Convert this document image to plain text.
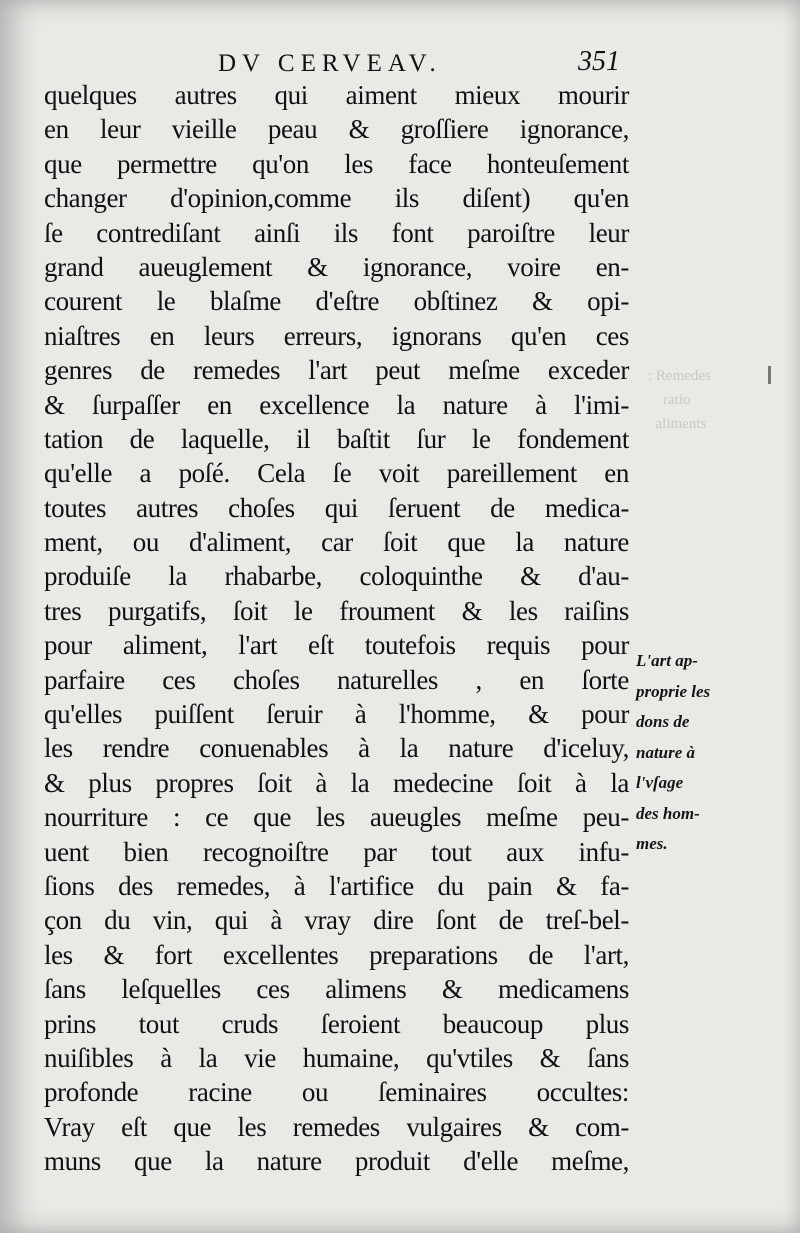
DV CERVEAV.	351
: Remedes
ratio
aliments
quelques autres qui aiment mieux mourir
en leur vieille peau & groſſiere ignorance,
que permettre qu'on les face honteuſement
changer d'opinion,comme ils diſent) qu'en
ſe contrediſant ainſi ils font paroiſtre leur
grand aueuglement & ignorance, voire en-
courent le blaſme d'eſtre obſtinez & opi-
niaſtres en leurs erreurs, ignorans qu'en ces
genres de remedes l'art peut meſme exceder
& ſurpaſſer en excellence la nature à l'imi-
tation de laquelle, il baſtit ſur le fondement
qu'elle a poſé. Cela ſe voit pareillement en
toutes autres choſes qui ſeruent de medica-
ment, ou d'aliment, car ſoit que la nature
produiſe la rhabarbe, coloquinthe & d'au-
tres purgatifs, ſoit le froument & les raiſins
pour aliment, l'art eſt toutefois requis pour
parfaire ces choſes naturelles , en ſorte
qu'elles puiſſent ſeruir à l'homme, & pour
les rendre conuenables à la nature d'iceluy,
& plus propres ſoit à la medecine ſoit à la
nourriture : ce que les aueugles meſme peu-
uent bien recognoiſtre par tout aux infu-
ſions des remedes, à l'artifice du pain & fa-
çon du vin, qui à vray dire ſont de treſ-bel-
les & fort excellentes preparations de l'art,
ſans leſquelles ces alimens & medicamens
prins tout cruds ſeroient beaucoup plus
nuiſibles à la vie humaine, qu'vtiles & ſans
profonde racine ou ſeminaires occultes:
Vray eſt que les remedes vulgaires & com-
muns que la nature produit d'elle meſme,
L'art ap-
proprie les
dons de
nature à
l'vſage
des hom-
mes.
